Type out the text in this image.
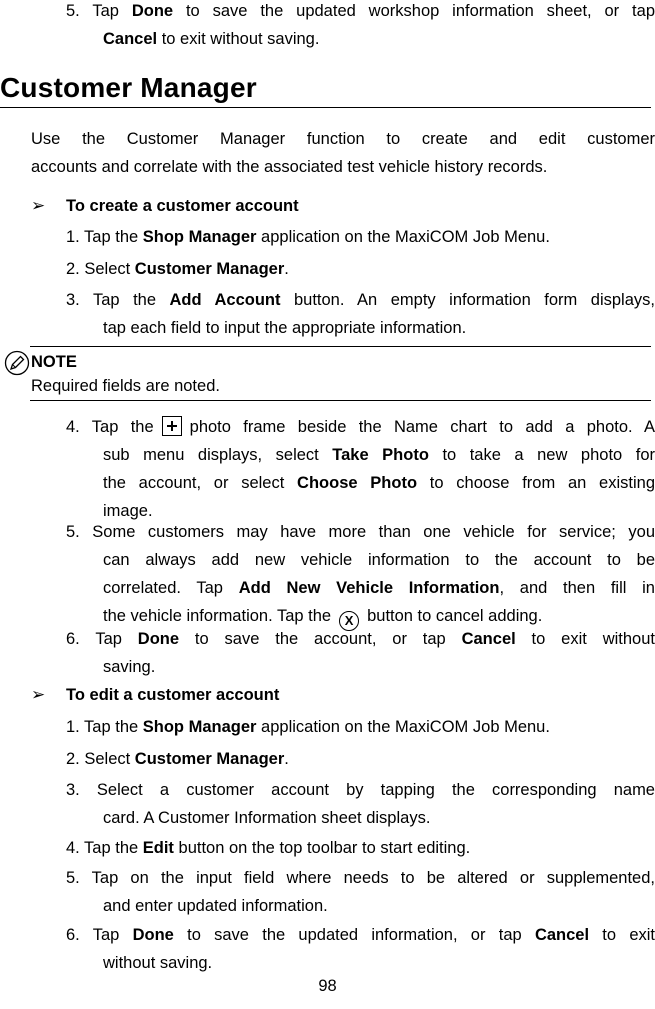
5. Tap Done to save the updated workshop information sheet, or tap
Cancel to exit without saving.
Customer Manager
Use the Customer Manager function to create and edit customer
accounts and correlate with the associated test vehicle history records.
➢ To create a customer account
1. Tap the Shop Manager application on the MaxiCOM Job Menu.
2. Select Customer Manager.
3. Tap the Add Account button. An empty information form displays,
tap each field to input the appropriate information.
NOTE
Required fields are noted.
4. Tap the photo frame beside the Name chart to add a photo. A
sub menu displays, select Take Photo to take a new photo for
the account, or select Choose Photo to choose from an existing
image.
5. Some customers may have more than one vehicle for service; you
can always add new vehicle information to the account to be
correlated. Tap Add New Vehicle Information, and then fill in
the vehicle information. Tap the X button to cancel adding.
6. Tap Done to save the account, or tap Cancel to exit without
saving.
➢ To edit a customer account
1. Tap the Shop Manager application on the MaxiCOM Job Menu.
2. Select Customer Manager.
3. Select a customer account by tapping the corresponding name
card. A Customer Information sheet displays.
4. Tap the Edit button on the top toolbar to start editing.
5. Tap on the input field where needs to be altered or supplemented,
and enter updated information.
6. Tap Done to save the updated information, or tap Cancel to exit
without saving.
98
